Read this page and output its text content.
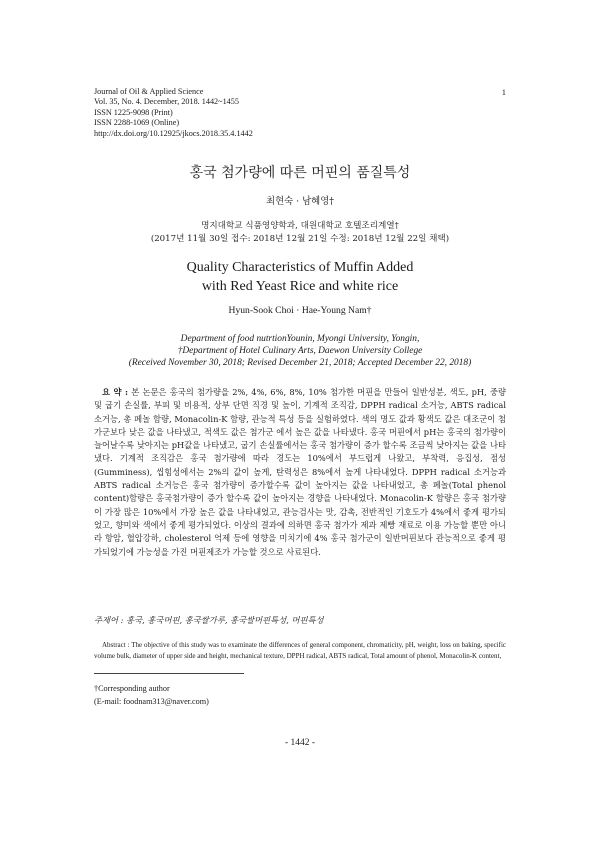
Journal of Oil & Applied Science
Vol. 35, No. 4. December, 2018. 1442~1455
ISSN 1225-9098 (Print)
ISSN 2288-1069 (Online)
http://dx.doi.org/10.12925/jkocs.2018.35.4.1442
1
홍국 첨가량에 따른 머핀의 품질특성
최현숙 · 남혜영†
명지대학교 식품영양학과, 대원대학교 호텔조리계열†
(2017년 11월 30일 접수: 2018년 12월 21일 수정: 2018년 12월 22일 채택)
Quality Characteristics of Muffin Added
with Red Yeast Rice and white rice
Hyun-Sook Choi · Hae-Young Nam†
Department of food nutrtionYounin, Myongi University, Yongin,
†Department of Hotel Culinary Arts, Daewon University College
(Received November 30, 2018; Revised December 21, 2018; Accepted December 22, 2018)
요 약 : 본 논문은 홍국의 첨가량을 2%, 4%, 6%, 8%, 10% 첨가한 머핀을 만들어 일반성분, 색도, pH, 중량 및 굽기 손실률, 부피 및 비용적, 상부 단면 직경 및 높이, 기계적 조직감, DPPH radical 소거능, ABTS radical 소거능, 총 페놀 함량, Monacolin-K 함량, 관능적 특성 등을 실험하였다. 색의 명도 값과 황색도 값은 대조군이 첨가군보다 낮은 값을 나타냈고, 적색도 값은 첨가군 에서 높은 값을 나타냈다. 홍국 머핀에서 pH는 홍국의 첨가량이 늘어날수록 낮아지는 pH값을 나타냈고, 굽기 손실률에서는 홍국 첨가량이 증가 할수록 조금씩 낮아지는 값을 나타냈다. 기계적 조직감은 홍국 첨가량에 따라 경도는 10%에서 부드럽게 나왔고, 부착력, 응집성, 점성 (Gumminess), 씹힘성에서는 2%의 값이 높게, 탄력성은 8%에서 높게 나타내었다. DPPH radical 소거능과 ABTS radical 소거능은 홍국 첨가량이 증가할수록 값이 높아지는 값을 나타내었고, 총 페놀(Total phenol content)함량은 홍국첨가량이 증가 할수록 값이 높아지는 경향을 나타내었다. Monacolin-K 함량은 홍국 첨가량이 가장 많은 10%에서 가장 높은 값을 나타내었고, 관능검사는 맛, 감촉, 전반적인 기호도가 4%에서 좋게 평가되었고, 향미와 색에서 좋게 평가되었다. 이상의 결과에 의하면 홍국 첨가가 제과 제빵 재료로 이용 가능할 뿐만 아니라 항암, 혈압강하, cholesterol 억제 등에 영향을 미치기에 4% 홍국 첨가군이 일반머핀보다 관능적으로 좋게 평가되었기에 가능성을 가진 머핀제조가 가능할 것으로 사료된다.
주제어 : 홍국, 홍국머핀, 홍국쌀가루, 홍국쌀머핀특성, 머핀특성
Abstract : The objective of this study was to examinate the differences of general component, chromaticity, pH, weight, loss on baking, specific volume bulk, diameter of upper side and height, mechanical texture, DPPH radical, ABTS radical, Total amount of phenol, Monacolin-K content,
†Corresponding author
(E-mail: foodnam313@naver.com)
- 1442 -
